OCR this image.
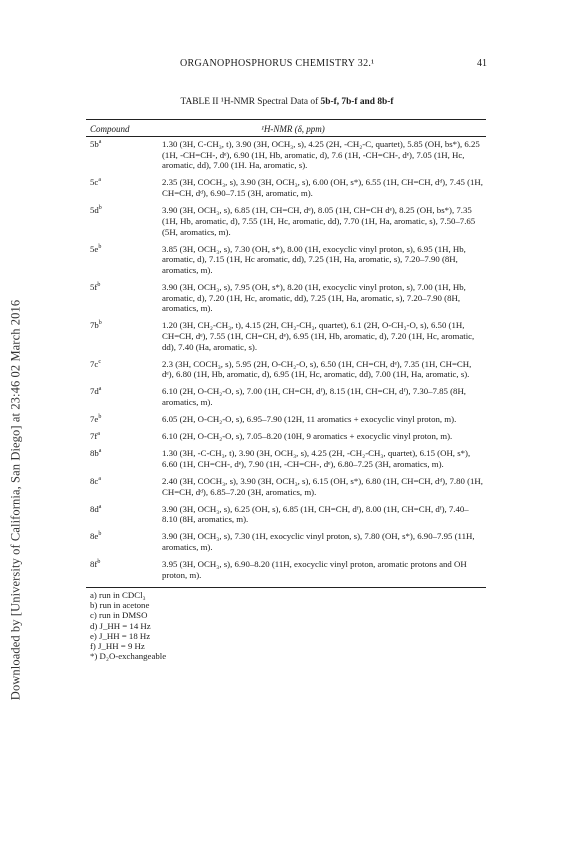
Downloaded by [University of California, San Diego] at 23:46 02 March 2016
ORGANOPHOSPHORUS CHEMISTRY 32.¹	41
TABLE II ¹H-NMR Spectral Data of 5b-f, 7b-f and 8b-f
Compound	¹H-NMR (δ, ppm)
$5b^a$	1.30 (3H, C-CH₃, t), 3.90 (3H, OCH₃, s), 4.25 (2H, -CH₂-C, quartet), 5.85 (OH, bs*), 6.25 (1H, -CH=CH-, dᵉ), 6.90 (1H, Hb, aromatic, d), 7.6 (1H, -CH=CH-, dᵉ), 7.05 (1H, Hc, aromatic, dd), 7.00 (1H. Ha, aromatic, s).
$5c^a$	2.35 (3H, COCH₃, s), 3.90 (3H, OCH₃, s), 6.00 (OH, s*), 6.55 (1H, CH=CH, dᵈ), 7.45 (1H, CH=CH, dᵈ), 6.90–7.15 (3H, aromatic, m).
$5d^b$	3.90 (3H, OCH₃, s), 6.85 (1H, CH=CH, dᵉ), 8.05 (1H, CH=CH dᵉ), 8.25 (OH, bs*), 7.35 (1H, Hb, aromatic, d), 7.55 (1H, Hc, aromatic, dd), 7.70 (1H, Ha, aromatic, s), 7.50–7.65 (5H, aromatics, m).
$5e^b$	3.85 (3H, OCH₃, s), 7.30 (OH, s*), 8.00 (1H, exocyclic vinyl proton, s), 6.95 (1H, Hb, aromatic, d), 7.15 (1H, Hc aromatic, dd), 7.25 (1H, Ha, aromatic, s), 7.20–7.90 (8H, aromatics, m).
$5f^b$	3.90 (3H, OCH₃, s), 7.95 (OH, s*), 8.20 (1H, exocyclic vinyl proton, s), 7.00 (1H, Hb, aromatic, d), 7.20 (1H, Hc, aromatic, dd), 7.25 (1H, Ha, aromatic, s), 7.20–7.90 (8H, aromatics, m).
$7b^b$	1.20 (3H, CH₂-CH₃, t), 4.15 (2H, CH₂-CH₃, quartet), 6.1 (2H, O-CH₂-O, s), 6.50 (1H, CH=CH, dᵉ), 7.55 (1H, CH=CH, dᵉ), 6.95 (1H, Hb, aromatic, d), 7.20 (1H, Hc, aromatic, dd), 7.40 (Ha, aromatic, s).
$7c^c$	2.3 (3H, COCH₃, s), 5.95 (2H, O-CH₂-O, s), 6.50 (1H, CH=CH, dᵉ), 7.35 (1H, CH=CH, dᵉ), 6.80 (1H, Hb, aromatic, d), 6.95 (1H, Hc, aromatic, dd), 7.00 (1H, Ha, aromatic, s).
$7d^a$	6.10 (2H, O-CH₂-O, s), 7.00 (1H, CH=CH, dᶠ), 8.15 (1H, CH=CH, dᶠ), 7.30–7.85 (8H, aromatics, m).
$7e^b$	6.05 (2H, O-CH₂-O, s), 6.95–7.90 (12H, 11 aromatics + exocyclic vinyl proton, m).
$7f^a$	6.10 (2H, O-CH₂-O, s), 7.05–8.20 (10H, 9 aromatics + exocyclic vinyl proton, m).
$8b^a$	1.30 (3H, -C-CH₃, t), 3.90 (3H, OCH₃, s), 4.25 (2H, -CH₂-CH₃, quartet), 6.15 (OH, s*), 6.60 (1H, CH=CH-, dᵉ), 7.90 (1H, -CH=CH-, dᵉ), 6.80–7.25 (3H, aromatics, m).
$8c^a$	2.40 (3H, COCH₃, s), 3.90 (3H, OCH₃, s), 6.15 (OH, s*), 6.80 (1H, CH=CH, dᵈ), 7.80 (1H, CH=CH, dᵈ), 6.85–7.20 (3H, aromatics, m).
$8d^a$	3.90 (3H, OCH₃, s), 6.25 (OH, s), 6.85 (1H, CH=CH, dᶠ), 8.00 (1H, CH=CH, dᶠ), 7.40–8.10 (8H, aromatics, m).
$8e^b$	3.90 (3H, OCH₃, s), 7.30 (1H, exocyclic vinyl proton, s), 7.80 (OH, s*), 6.90–7.95 (11H, aromatics, m).
$8f^b$	3.95 (3H, OCH₃, s), 6.90–8.20 (11H, exocyclic vinyl proton, aromatic protons and OH proton, m).
a) run in CDCl₃
b) run in acetone
c) run in DMSO
d) J_HH = 14 Hz
e) J_HH = 18 Hz
f) J_HH = 9 Hz
*) D₂O-exchangeable
